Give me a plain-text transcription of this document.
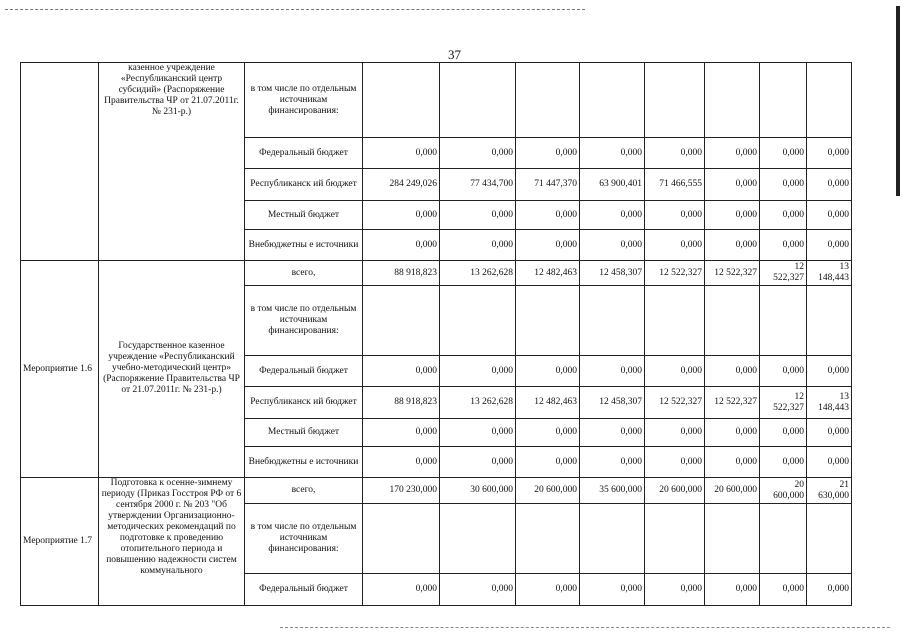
37
	казенное учреждение «Республиканский центр субсидий» (Распоряжение Правительства ЧР от 21.07.2011г. № 231-р.)	в том числе по отдельным источникам финансирования:								
		Федеральный бюджет	0,000	0,000	0,000	0,000	0,000	0,000	0,000	0,000
		Республиканск ий бюджет	284 249,026	77 434,700	71 447,370	63 900,401	71 466,555	0,000	0,000	0,000
		Местный бюджет	0,000	0,000	0,000	0,000	0,000	0,000	0,000	0,000
		Внебюджетны е источники	0,000	0,000	0,000	0,000	0,000	0,000	0,000	0,000
Мероприятие 1.6	Государственное казенное учреждение «Республиканский учебно-методический центр» (Распоряжение Правительства ЧР от 21.07.2011г. № 231-р.)	всего,	88 918,823	13 262,628	12 482,463	12 458,307	12 522,327	12 522,327	12 522,327	13 148,443
		в том числе по отдельным источникам финансирования:								
		Федеральный бюджет	0,000	0,000	0,000	0,000	0,000	0,000	0,000	0,000
		Республиканск ий бюджет	88 918,823	13 262,628	12 482,463	12 458,307	12 522,327	12 522,327	12 522,327	13 148,443
		Местный бюджет	0,000	0,000	0,000	0,000	0,000	0,000	0,000	0,000
		Внебюджетны е источники	0,000	0,000	0,000	0,000	0,000	0,000	0,000	0,000
Мероприятие 1.7	Подготовка к осенне-зимнему периоду (Приказ Госстроя РФ от 6 сентября 2000 г. № 203 "Об утверждении Организационно-методических рекомендаций по подготовке к проведению отопительного периода и повышению надежности систем коммунального	всего,	170 230,000	30 600,000	20 600,000	35 600,000	20 600,000	20 600,000	20 600,000	21 630,000
		в том числе по отдельным источникам финансирования:								
		Федеральный бюджет	0,000	0,000	0,000	0,000	0,000	0,000	0,000	0,000
